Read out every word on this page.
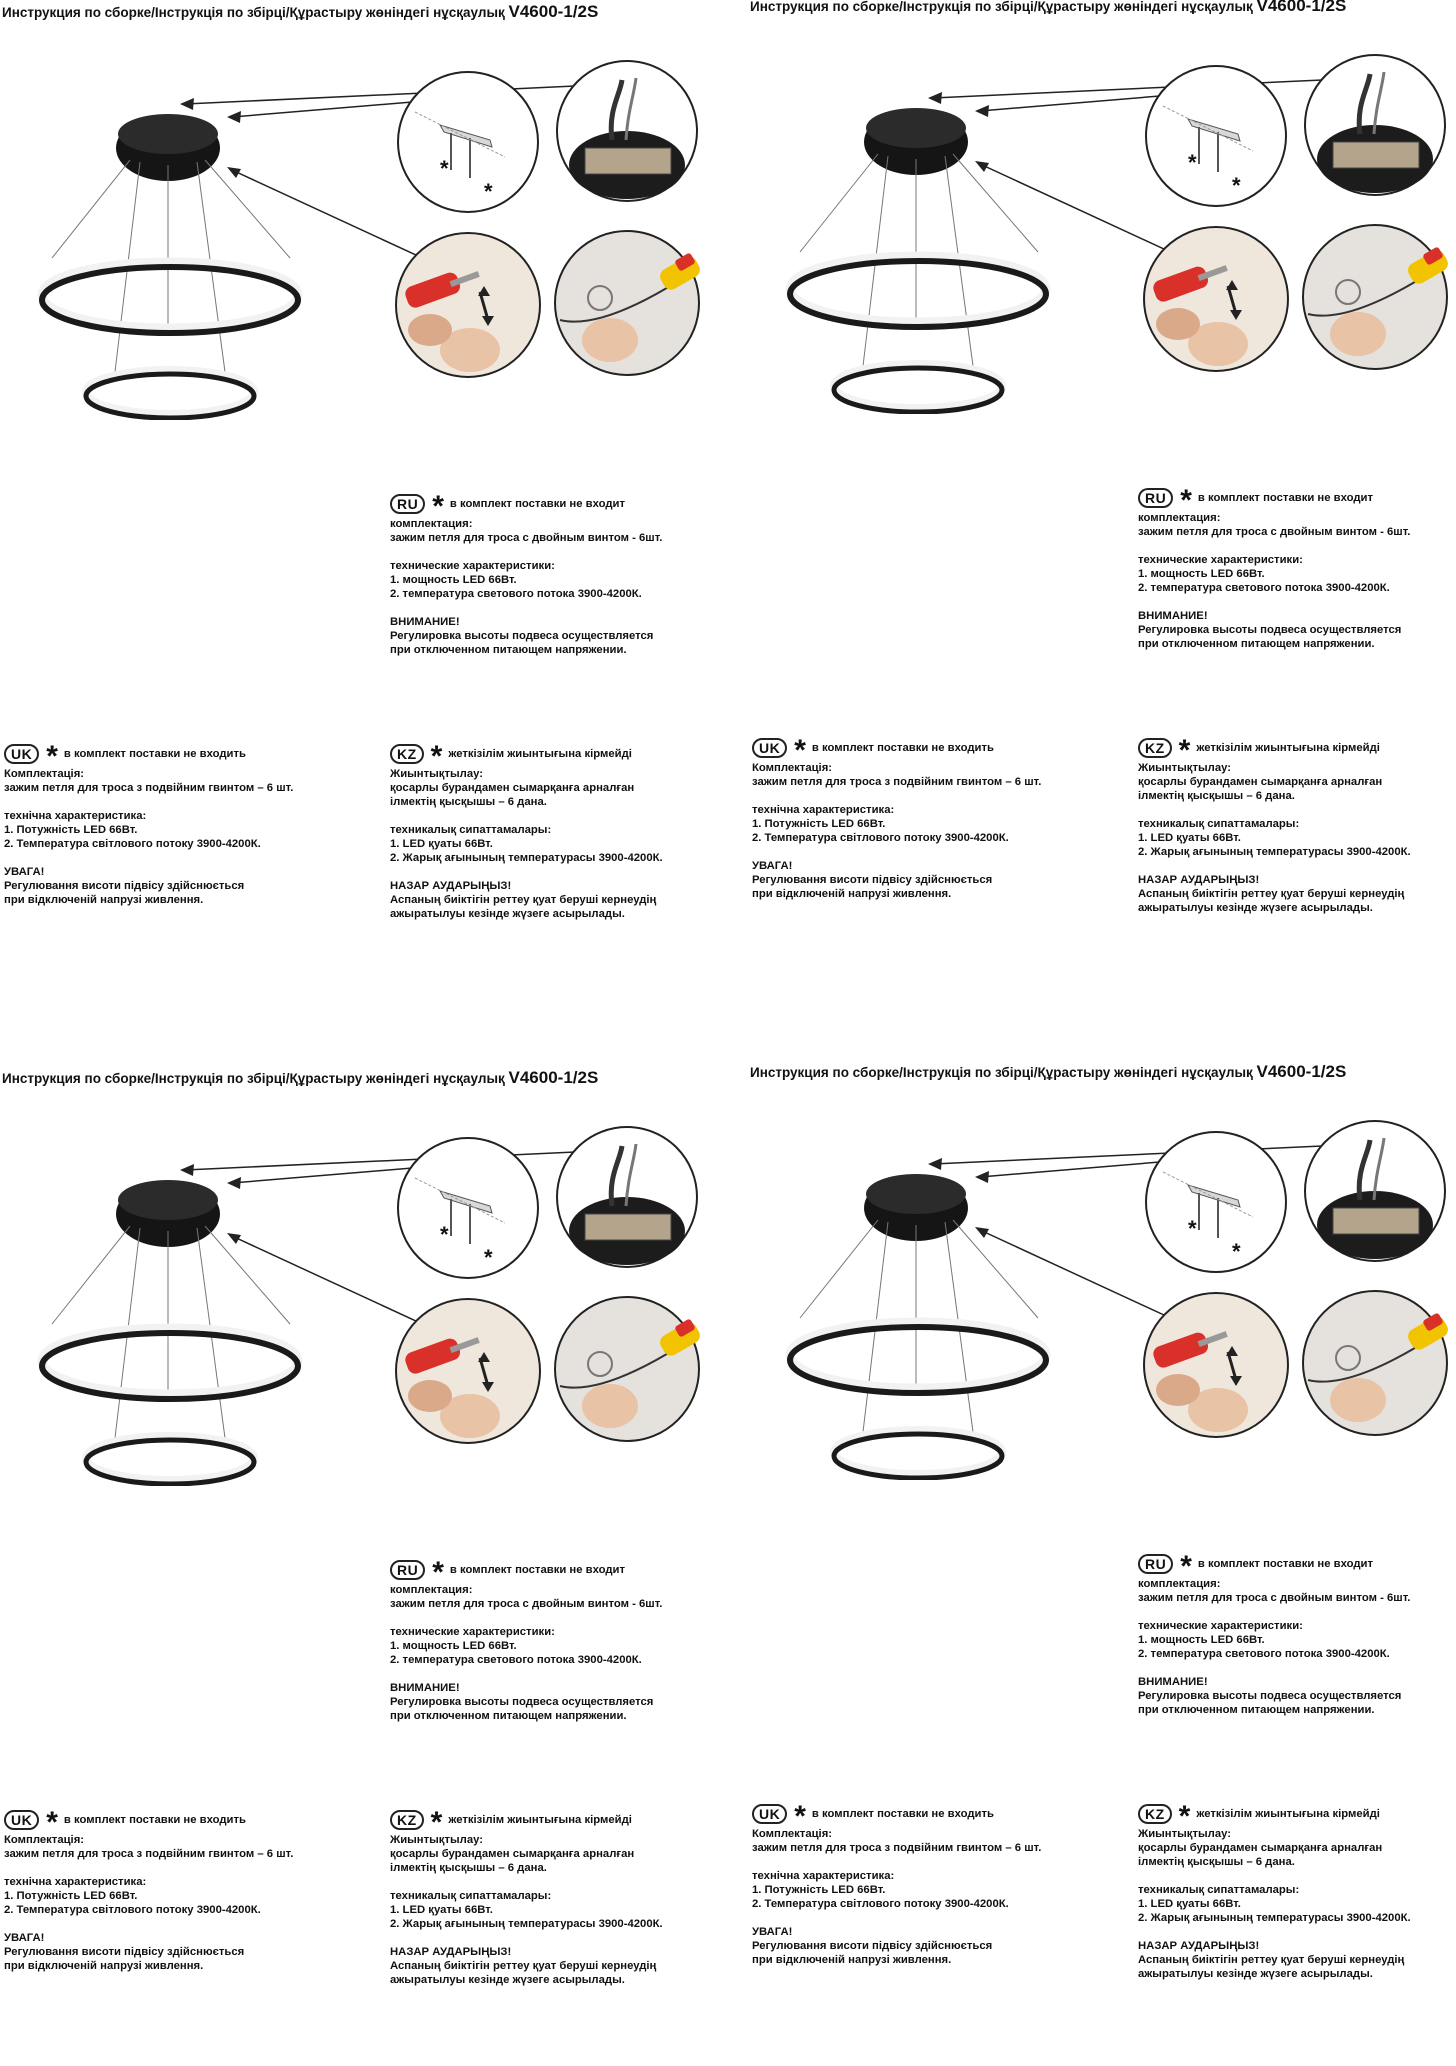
Инструкция по сборке/Інструкція по збірці/Құрастыру жөніндегі нұсқаулық V4600-1/2S
*
*
RU * в комплект поставки не входит
комплектация:
зажим петля для троса с двойным винтом - 6шт.
технические характеристики:
1. мощность LED 66Вт.
2. температура светового потока 3900-4200К.
ВНИМАНИЕ!
Регулировка высоты подвеса осуществляется
при отключенном питающем напряжении.
UK * в комплект поставки не входить
Комплектація:
зажим петля для троса з подвійним гвинтом – 6 шт.
технічна характеристика:
1. Потужність LED 66Вт.
2. Температура світлового потоку 3900-4200К.
УВАГА!
Регулювання висоти підвісу здійснюється
при відключеній напрузі живлення.
KZ * жеткізілім жиынтығына кірмейді
Жиынтықтылау:
қосарлы бурандамен сымарқанға арналған
ілмектің қысқышы – 6 дана.
техникалық сипаттамалары:
1. LED қуаты 66Вт.
2. Жарық ағынының температурасы 3900-4200К.
НАЗАР АУДАРЫҢЫЗ!
Аспаның биіктігін реттеу қуат беруші кернеудің
ажыратылуы кезінде жүзеге асырылады.
Инструкция по сборке/Інструкція по збірці/Құрастыру жөніндегі нұсқаулық V4600-1/2S
*
*
RU * в комплект поставки не входит
комплектация:
зажим петля для троса с двойным винтом - 6шт.
технические характеристики:
1. мощность LED 66Вт.
2. температура светового потока 3900-4200К.
ВНИМАНИЕ!
Регулировка высоты подвеса осуществляется
при отключенном питающем напряжении.
UK * в комплект поставки не входить
Комплектація:
зажим петля для троса з подвійним гвинтом – 6 шт.
технічна характеристика:
1. Потужність LED 66Вт.
2. Температура світлового потоку 3900-4200К.
УВАГА!
Регулювання висоти підвісу здійснюється
при відключеній напрузі живлення.
KZ * жеткізілім жиынтығына кірмейді
Жиынтықтылау:
қосарлы бурандамен сымарқанға арналған
ілмектің қысқышы – 6 дана.
техникалық сипаттамалары:
1. LED қуаты 66Вт.
2. Жарық ағынының температурасы 3900-4200К.
НАЗАР АУДАРЫҢЫЗ!
Аспаның биіктігін реттеу қуат беруші кернеудің
ажыратылуы кезінде жүзеге асырылады.
Инструкция по сборке/Інструкція по збірці/Құрастыру жөніндегі нұсқаулық V4600-1/2S
*
*
RU * в комплект поставки не входит
комплектация:
зажим петля для троса с двойным винтом - 6шт.
технические характеристики:
1. мощность LED 66Вт.
2. температура светового потока 3900-4200К.
ВНИМАНИЕ!
Регулировка высоты подвеса осуществляется
при отключенном питающем напряжении.
UK * в комплект поставки не входить
Комплектація:
зажим петля для троса з подвійним гвинтом – 6 шт.
технічна характеристика:
1. Потужність LED 66Вт.
2. Температура світлового потоку 3900-4200К.
УВАГА!
Регулювання висоти підвісу здійснюється
при відключеній напрузі живлення.
KZ * жеткізілім жиынтығына кірмейді
Жиынтықтылау:
қосарлы бурандамен сымарқанға арналған
ілмектің қысқышы – 6 дана.
техникалық сипаттамалары:
1. LED қуаты 66Вт.
2. Жарық ағынының температурасы 3900-4200К.
НАЗАР АУДАРЫҢЫЗ!
Аспаның биіктігін реттеу қуат беруші кернеудің
ажыратылуы кезінде жүзеге асырылады.
Инструкция по сборке/Інструкція по збірці/Құрастыру жөніндегі нұсқаулық V4600-1/2S
*
*
RU * в комплект поставки не входит
комплектация:
зажим петля для троса с двойным винтом - 6шт.
технические характеристики:
1. мощность LED 66Вт.
2. температура светового потока 3900-4200К.
ВНИМАНИЕ!
Регулировка высоты подвеса осуществляется
при отключенном питающем напряжении.
UK * в комплект поставки не входить
Комплектація:
зажим петля для троса з подвійним гвинтом – 6 шт.
технічна характеристика:
1. Потужність LED 66Вт.
2. Температура світлового потоку 3900-4200К.
УВАГА!
Регулювання висоти підвісу здійснюється
при відключеній напрузі живлення.
KZ * жеткізілім жиынтығына кірмейді
Жиынтықтылау:
қосарлы бурандамен сымарқанға арналған
ілмектің қысқышы – 6 дана.
техникалық сипаттамалары:
1. LED қуаты 66Вт.
2. Жарық ағынының температурасы 3900-4200К.
НАЗАР АУДАРЫҢЫЗ!
Аспаның биіктігін реттеу қуат беруші кернеудің
ажыратылуы кезінде жүзеге асырылады.
